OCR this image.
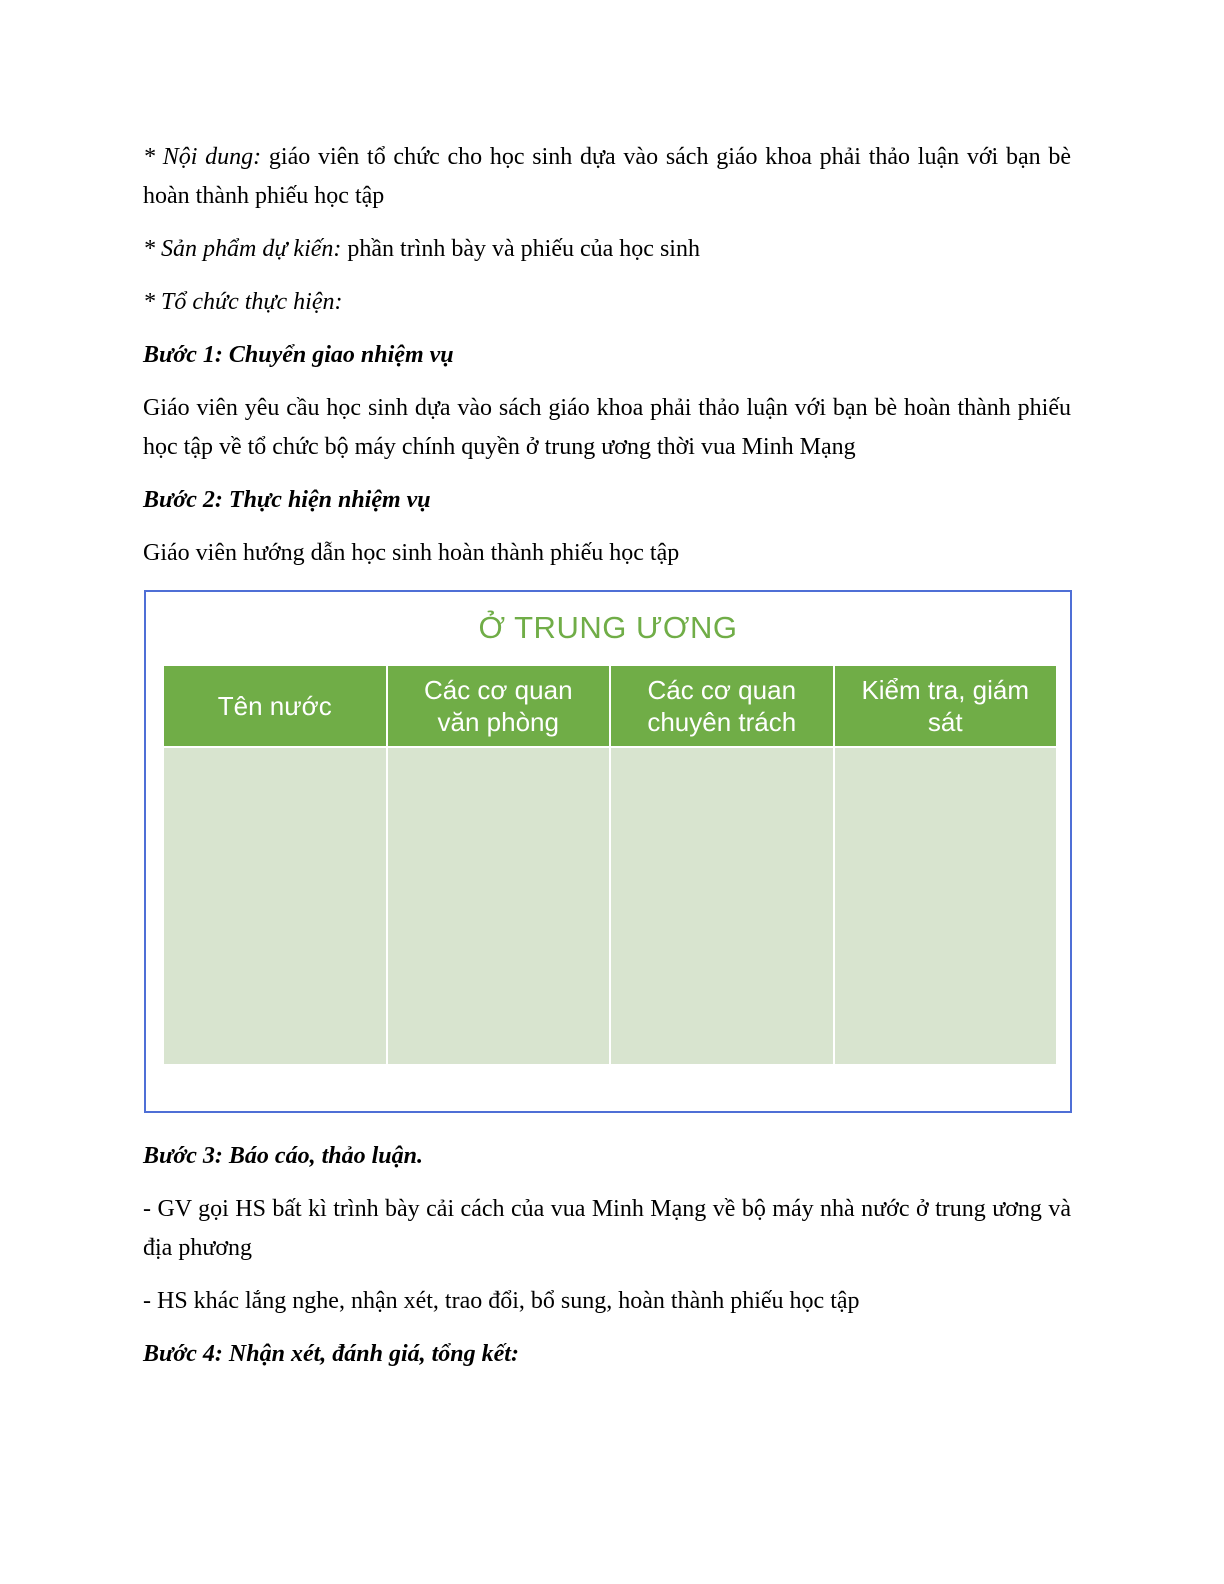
* Nội dung: giáo viên tổ chức cho học sinh dựa vào sách giáo khoa phải thảo luận với bạn bè hoàn thành phiếu học tập

* Sản phẩm dự kiến: phần trình bày và phiếu của học sinh

* Tổ chức thực hiện:

Bước 1: Chuyển giao nhiệm vụ

Giáo viên yêu cầu học sinh dựa vào sách giáo khoa phải thảo luận với bạn bè hoàn thành phiếu học tập về tổ chức bộ máy chính quyền ở trung ương thời vua Minh Mạng

Bước 2: Thực hiện nhiệm vụ

Giáo viên hướng dẫn học sinh hoàn thành phiếu học tập

Ở TRUNG ƯƠNG
Tên nước
Các cơ quan văn phòng
Các cơ quan chuyên trách
Kiểm tra, giám sát

Bước 3: Báo cáo, thảo luận.

- GV gọi HS bất kì trình bày cải cách của vua Minh Mạng về bộ máy nhà nước ở trung ương và địa phương

- HS khác lắng nghe, nhận xét, trao đổi, bổ sung, hoàn thành phiếu học tập

Bước 4: Nhận xét, đánh giá, tổng kết:
